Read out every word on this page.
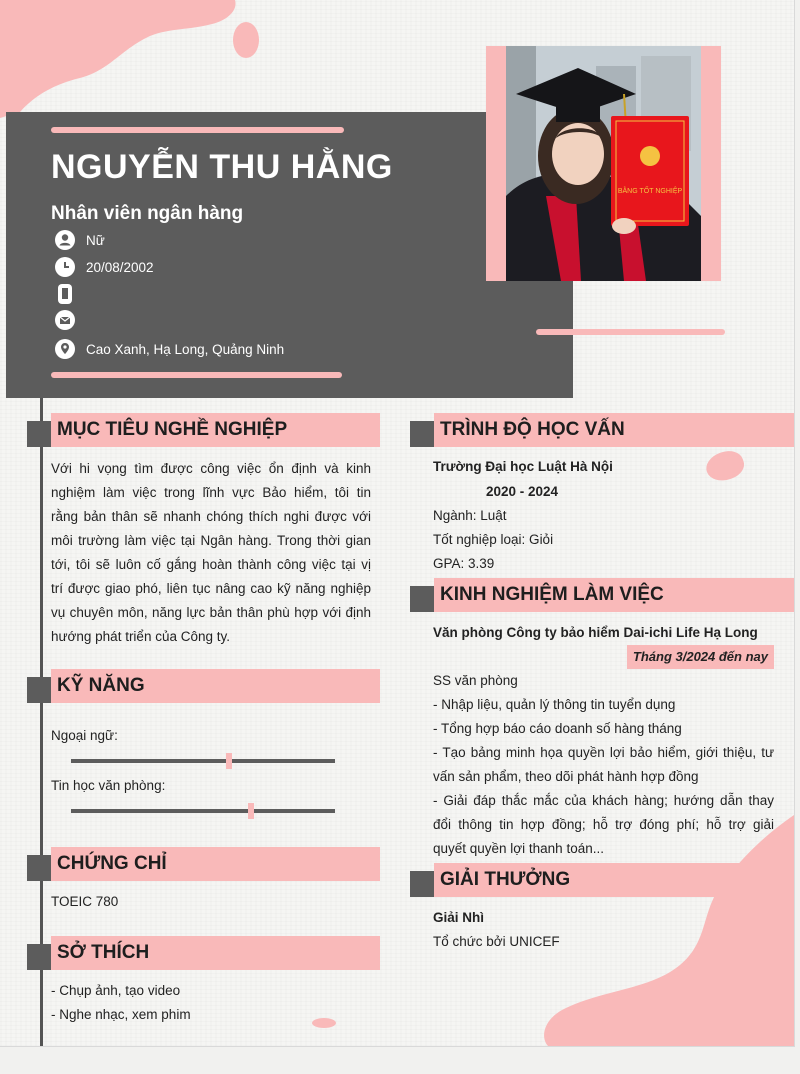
NGUYỄN THU HẰNG
Nhân viên ngân hàng
Nữ
20/08/2002
Cao Xanh, Hạ Long, Quảng Ninh
BẰNG TỐT NGHIỆP
MỤC TIÊU NGHỀ NGHIỆP
Với hi vọng tìm được công việc ổn định và kinh
nghiệm làm việc trong lĩnh vực Bảo hiểm, tôi tin
rằng bản thân sẽ nhanh chóng thích nghi được với
môi trường làm việc tại Ngân hàng. Trong thời gian
tới, tôi sẽ luôn cố gắng hoàn thành công việc tại vị
trí được giao phó, liên tục nâng cao kỹ năng nghiệp
vụ chuyên môn, năng lực bản thân phù hợp với định
hướng phát triển của Công ty.
KỸ NĂNG
Ngoại ngữ:
Tin học văn phòng:
CHỨNG CHỈ
TOEIC 780
SỞ THÍCH
- Chụp ảnh, tạo video
- Nghe nhạc, xem phim
TRÌNH ĐỘ HỌC VẤN
Trường Đại học Luật Hà Nội
2020 - 2024
Ngành: Luật
Tốt nghiệp loại: Giỏi
GPA: 3.39
KINH NGHIỆM LÀM VIỆC
Văn phòng Công ty bảo hiểm Dai-ichi Life Hạ Long
Tháng 3/2024 đến nay
SS văn phòng
- Nhập liệu, quản lý thông tin tuyển dụng
- Tổng hợp báo cáo doanh số hàng tháng
- Tạo bảng minh họa quyền lợi bảo hiểm, giới thiệu, tư
vấn sản phẩm, theo dõi phát hành hợp đồng
- Giải đáp thắc mắc của khách hàng; hướng dẫn thay
đổi thông tin hợp đồng; hỗ trợ đóng phí; hỗ trợ giải
quyết quyền lợi thanh toán...
GIẢI THƯỞNG
Giải Nhì
Tổ chức bởi UNICEF
